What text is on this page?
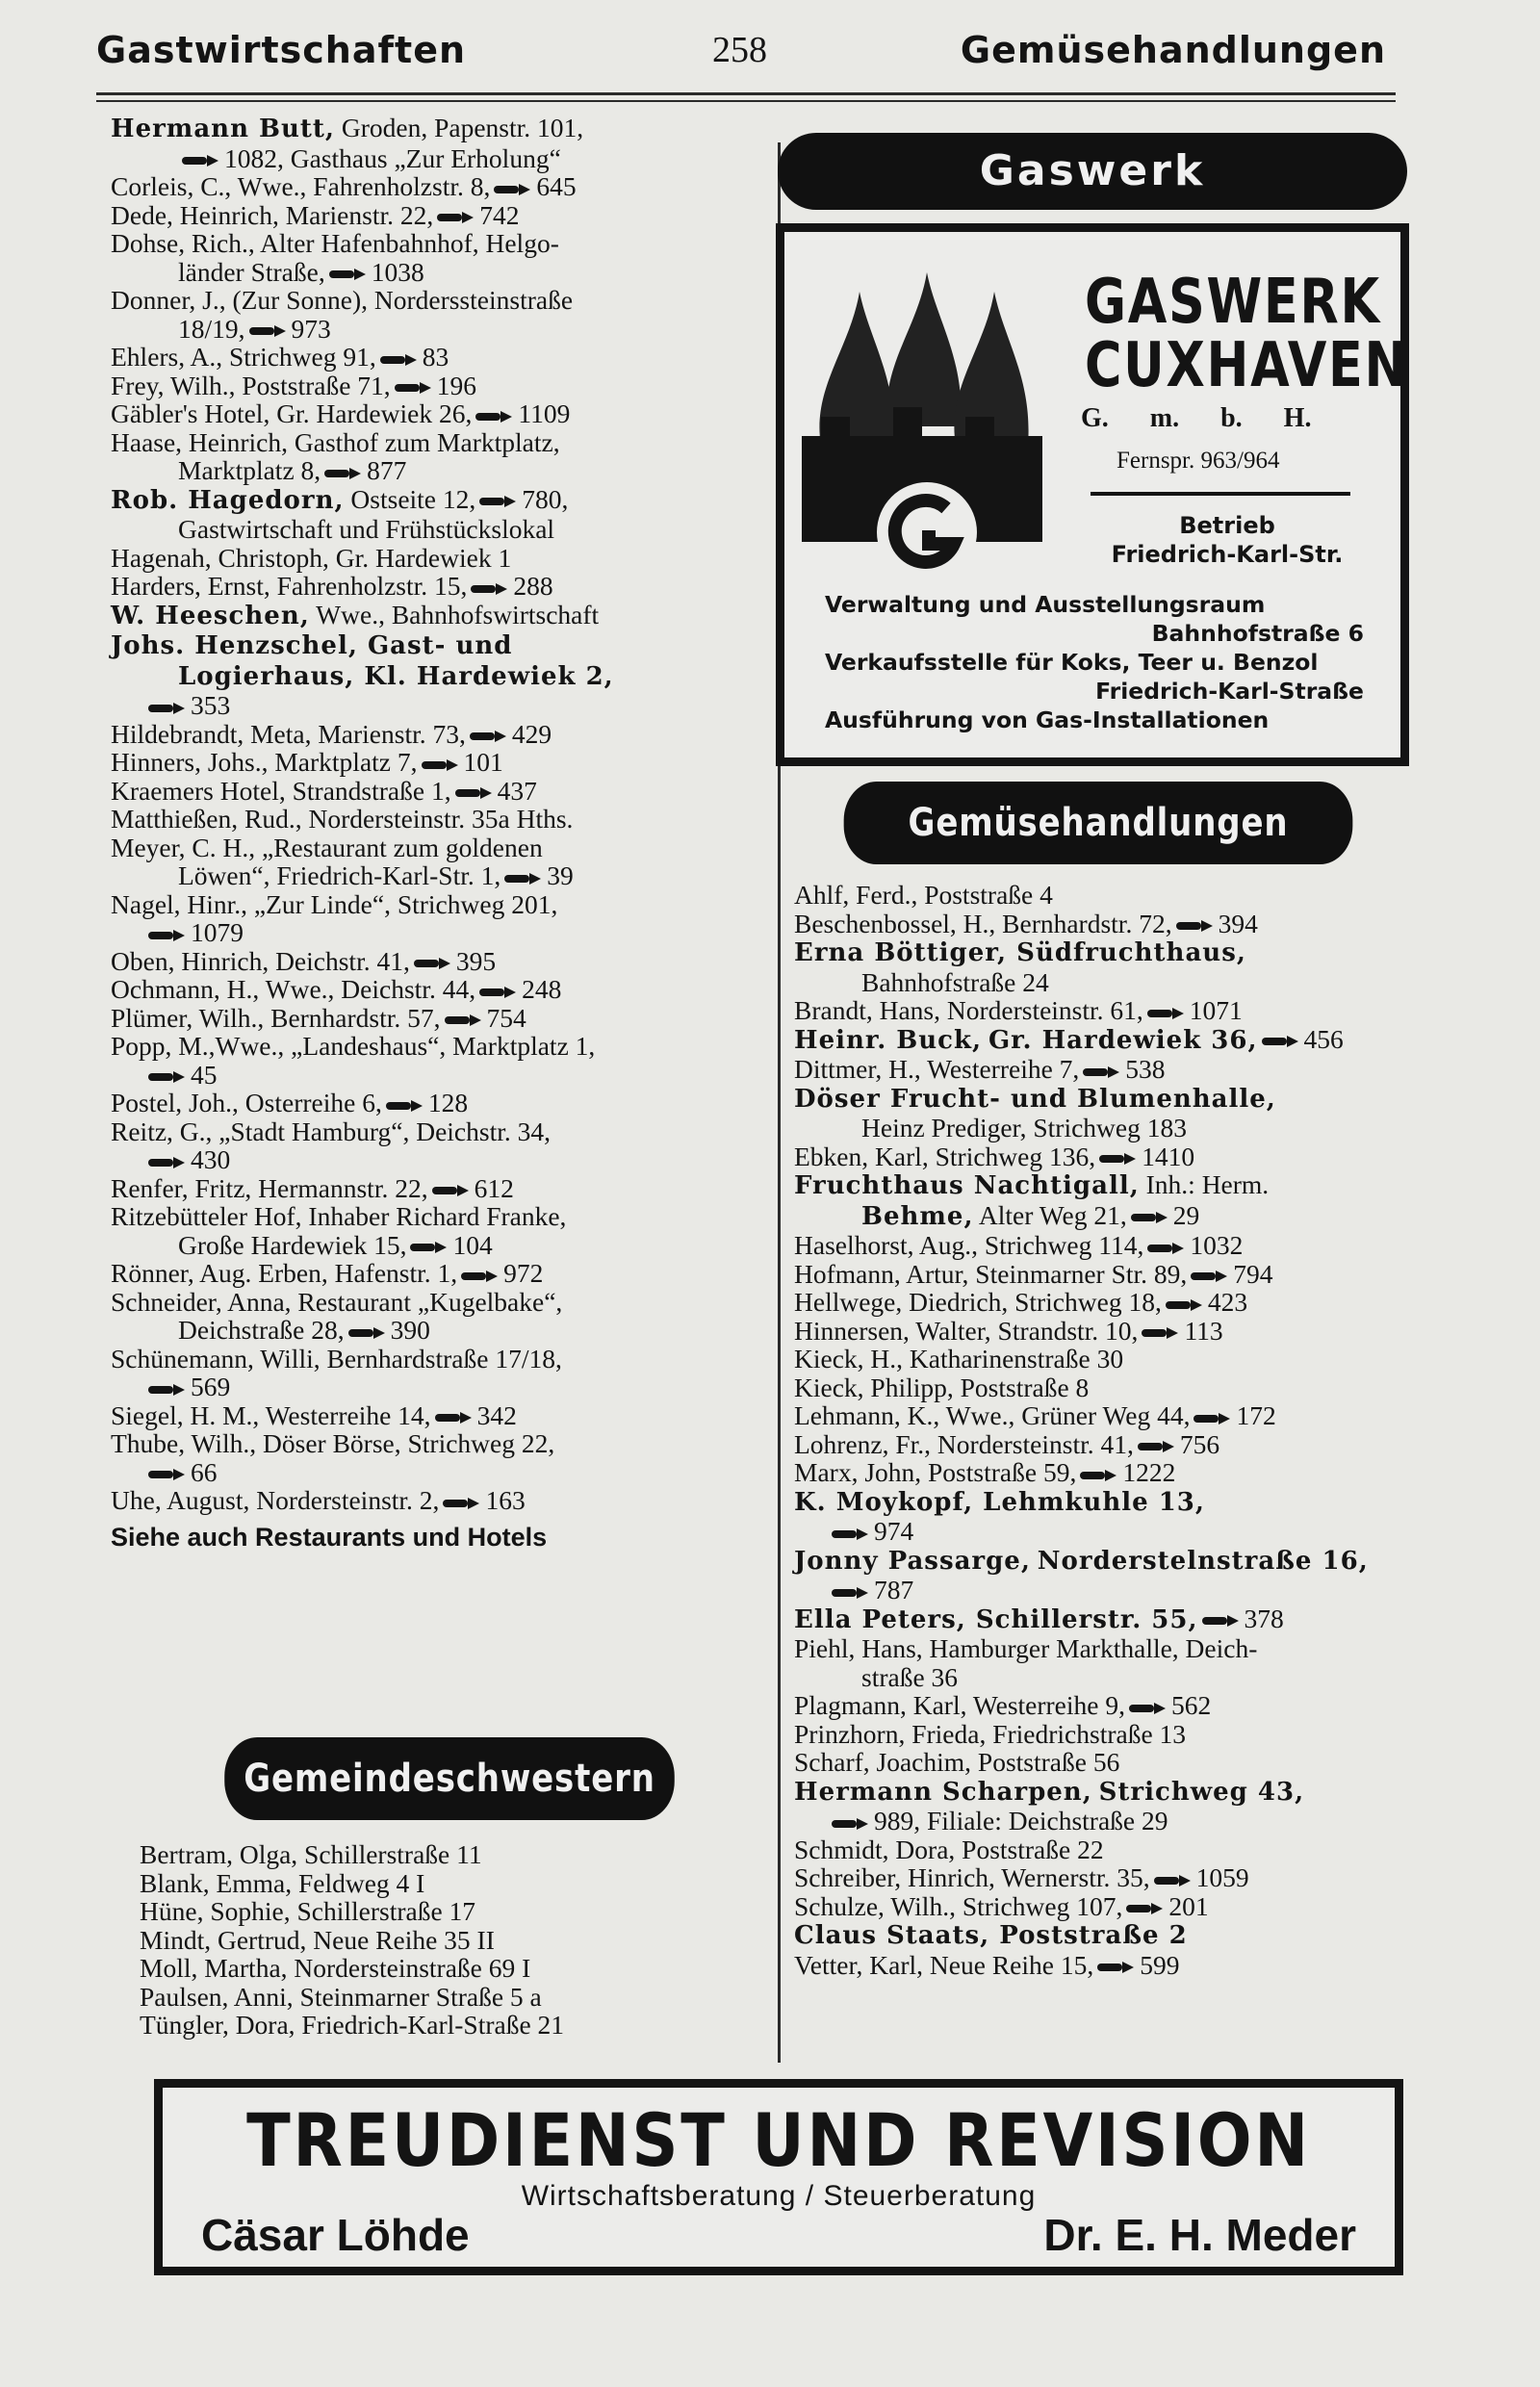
Gastwirtschaften	258	Gemüsehandlungen
Hermann Butt, Groden, Papenstr. 101,
1082, Gasthaus „Zur Erholung“
Corleis, C., Wwe., Fahrenholzstr. 8, 645
Dede, Heinrich, Marienstr. 22, 742
Dohse, Rich., Alter Hafenbahnhof, Helgo-
länder Straße, 1038
Donner, J., (Zur Sonne), Norderssteinstraße
18/19, 973
Ehlers, A., Strichweg 91, 83
Frey, Wilh., Poststraße 71, 196
Gäbler's Hotel, Gr. Hardewiek 26, 1109
Haase, Heinrich, Gasthof zum Marktplatz,
Marktplatz 8, 877
Rob. Hagedorn, Ostseite 12, 780,
Gastwirtschaft und Frühstückslokal
Hagenah, Christoph, Gr. Hardewiek 1
Harders, Ernst, Fahrenholzstr. 15, 288
W. Heeschen, Wwe., Bahnhofswirtschaft
Johs. Henzschel, Gast- und
Logierhaus, Kl. Hardewiek 2,
353
Hildebrandt, Meta, Marienstr. 73, 429
Hinners, Johs., Marktplatz 7, 101
Kraemers Hotel, Strandstraße 1, 437
Matthießen, Rud., Nordersteinstr. 35a Hths.
Meyer, C. H., „Restaurant zum goldenen
Löwen“, Friedrich-Karl-Str. 1, 39
Nagel, Hinr., „Zur Linde“, Strichweg 201,
1079
Oben, Hinrich, Deichstr. 41, 395
Ochmann, H., Wwe., Deichstr. 44, 248
Plümer, Wilh., Bernhardstr. 57, 754
Popp, M.,Wwe., „Landeshaus“, Marktplatz 1,
45
Postel, Joh., Osterreihe 6, 128
Reitz, G., „Stadt Hamburg“, Deichstr. 34,
430
Renfer, Fritz, Hermannstr. 22, 612
Ritzebütteler Hof, Inhaber Richard Franke,
Große Hardewiek 15, 104
Rönner, Aug. Erben, Hafenstr. 1, 972
Schneider, Anna, Restaurant „Kugelbake“,
Deichstraße 28, 390
Schünemann, Willi, Bernhardstraße 17/18,
569
Siegel, H. M., Westerreihe 14, 342
Thube, Wilh., Döser Börse, Strichweg 22,
66
Uhe, August, Nordersteinstr. 2, 163
Siehe auch Restaurants und Hotels
Gemeindeschwestern
Bertram, Olga, Schillerstraße 11
Blank, Emma, Feldweg 4 I
Hüne, Sophie, Schillerstraße 17
Mindt, Gertrud, Neue Reihe 35 II
Moll, Martha, Nordersteinstraße 69 I
Paulsen, Anni, Steinmarner Straße 5 a
Tüngler, Dora, Friedrich-Karl-Straße 21
Gaswerk
GASWERK
CUXHAVEN
G. m. b. H.
Fernspr. 963/964
Betrieb
Friedrich-Karl-Str.
Verwaltung und Ausstellungsraum
Bahnhofstraße 6
Verkaufsstelle für Koks, Teer u. Benzol
Friedrich-Karl-Straße
Ausführung von Gas-Installationen
Gemüsehandlungen
Ahlf, Ferd., Poststraße 4
Beschenbossel, H., Bernhardstr. 72, 394
Erna Böttiger, Südfruchthaus,
Bahnhofstraße 24
Brandt, Hans, Nordersteinstr. 61, 1071
Heinr. Buck, Gr. Hardewiek 36, 456
Dittmer, H., Westerreihe 7, 538
Döser Frucht- und Blumenhalle,
Heinz Prediger, Strichweg 183
Ebken, Karl, Strichweg 136, 1410
Fruchthaus Nachtigall, Inh.: Herm.
Behme, Alter Weg 21, 29
Haselhorst, Aug., Strichweg 114, 1032
Hofmann, Artur, Steinmarner Str. 89, 794
Hellwege, Diedrich, Strichweg 18, 423
Hinnersen, Walter, Strandstr. 10, 113
Kieck, H., Katharinenstraße 30
Kieck, Philipp, Poststraße 8
Lehmann, K., Wwe., Grüner Weg 44, 172
Lohrenz, Fr., Nordersteinstr. 41, 756
Marx, John, Poststraße 59, 1222
K. Moykopf, Lehmkuhle 13,
974
Jonny Passarge, Norderstelnstraße 16,
787
Ella Peters, Schillerstr. 55, 378
Piehl, Hans, Hamburger Markthalle, Deich-
straße 36
Plagmann, Karl, Westerreihe 9, 562
Prinzhorn, Frieda, Friedrichstraße 13
Scharf, Joachim, Poststraße 56
Hermann Scharpen, Strichweg 43,
989, Filiale: Deichstraße 29
Schmidt, Dora, Poststraße 22
Schreiber, Hinrich, Wernerstr. 35, 1059
Schulze, Wilh., Strichweg 107, 201
Claus Staats, Poststraße 2
Vetter, Karl, Neue Reihe 15, 599
TREUDIENST UND REVISION
Wirtschaftsberatung / Steuerberatung
Cäsar Löhde	Dr. E. H. Meder
